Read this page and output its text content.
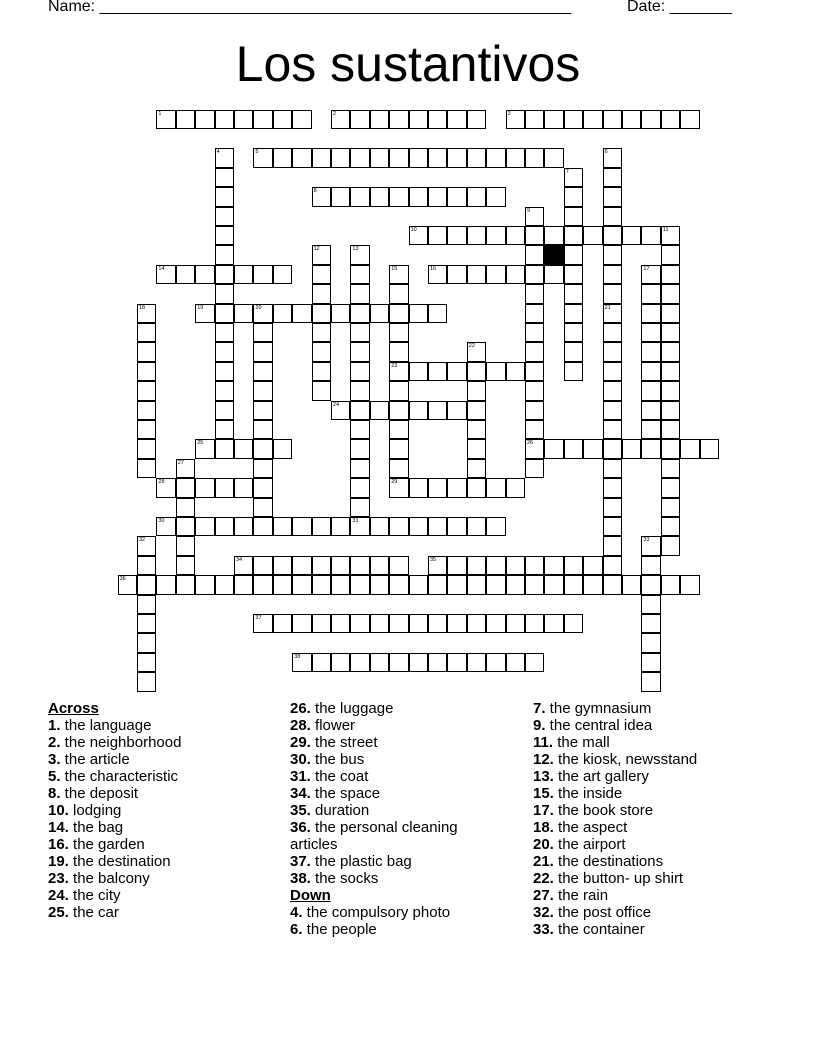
Name: _____________________________________________________	Date: _______
Los sustantivos
1	2	3
4	5	6
7
8
9
26
10	11
12	13
14	15
23
16	17
18	19	20	21
22
24
25
27
28	29
30	31
32	33
34	35
36
37
38
Across
1. the language
2. the neighborhood
3. the article
5. the characteristic
8. the deposit
10. lodging
14. the bag
16. the garden
19. the destination
23. the balcony
24. the city
25. the car
26. the luggage
28. flower
29. the street
30. the bus
31. the coat
34. the space
35. duration
36. the personal cleaning
articles
37. the plastic bag
38. the socks
Down
4. the compulsory photo
6. the people
7. the gymnasium
9. the central idea
11. the mall
12. the kiosk, newsstand
13. the art gallery
15. the inside
17. the book store
18. the aspect
20. the airport
21. the destinations
22. the button- up shirt
27. the rain
32. the post office
33. the container
